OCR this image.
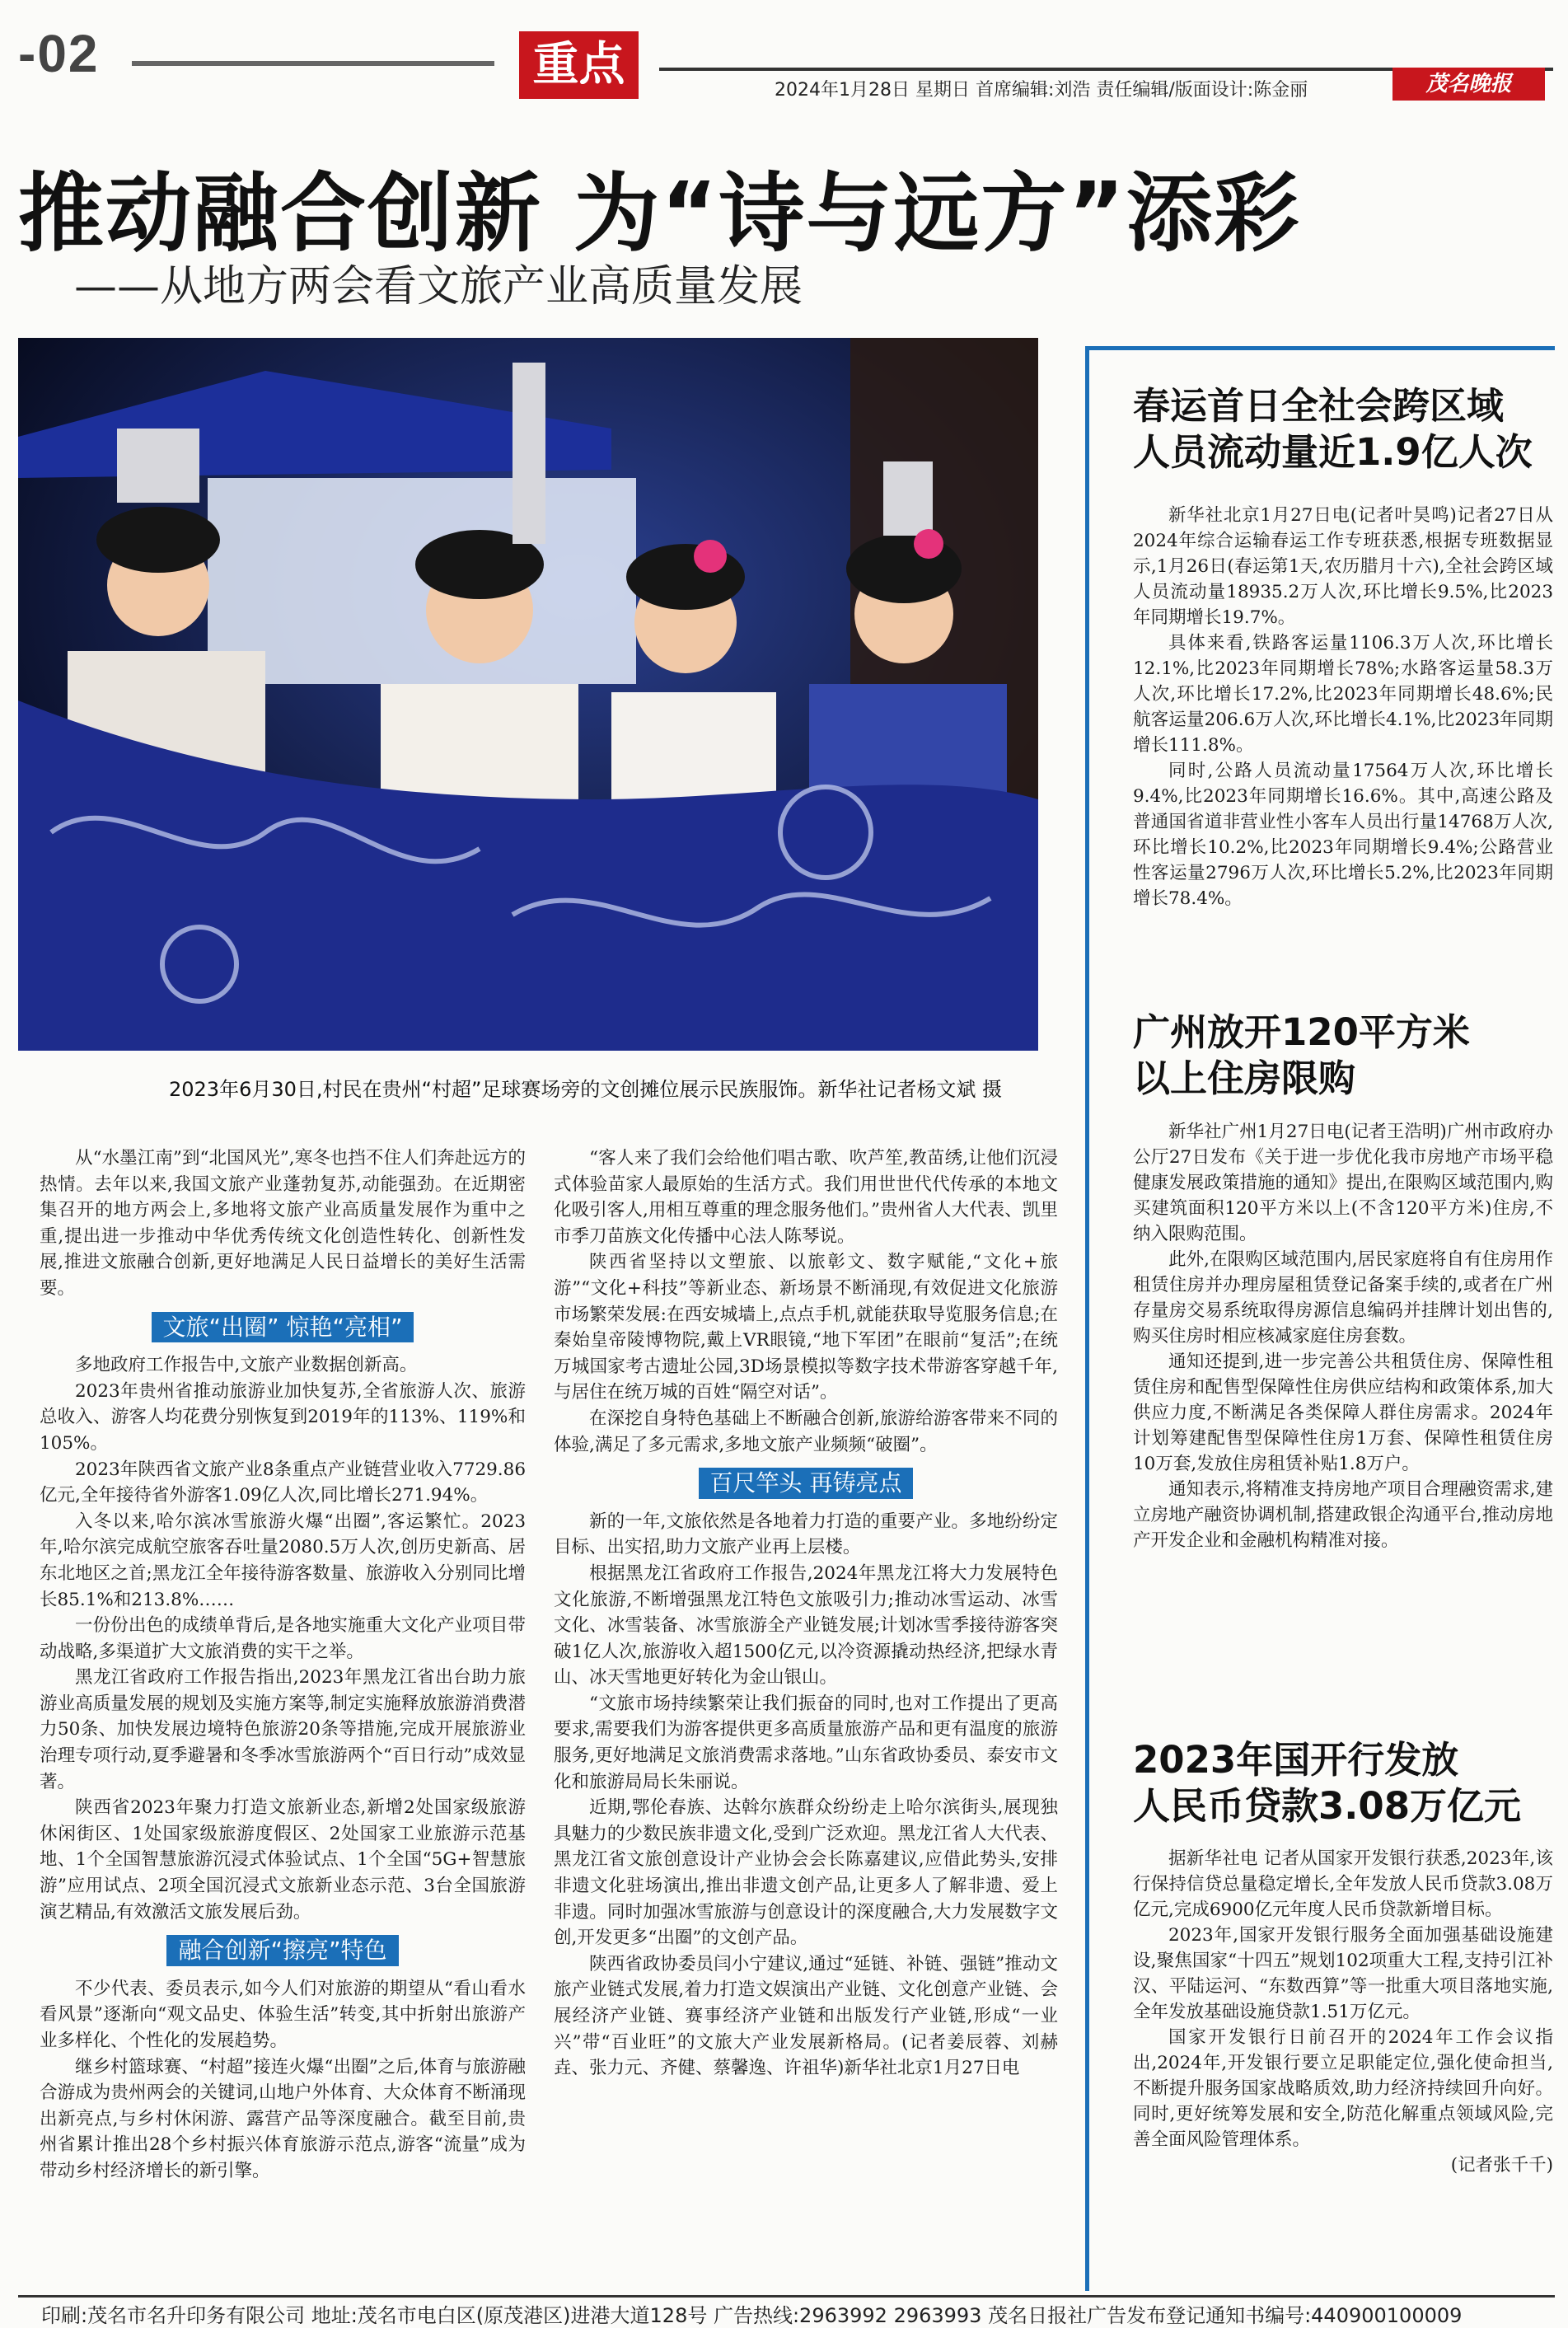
-02	重点	2024年1月28日 星期日 首席编辑:刘浩 责任编辑/版面设计:陈金丽	茂名晚报
推动融合创新 为“诗与远方”添彩
——从地方两会看文旅产业高质量发展
2023年6月30日,村民在贵州“村超”足球赛场旁的文创摊位展示民族服饰。新华社记者杨文斌 摄

从“水墨江南”到“北国风光”,寒冬也挡不住人们奔赴远方的热情。去年以来,我国文旅产业蓬勃复苏,动能强劲。在近期密集召开的地方两会上,多地将文旅产业高质量发展作为重中之重,提出进一步推动中华优秀传统文化创造性转化、创新性发展,推进文旅融合创新,更好地满足人民日益增长的美好生活需要。

文旅“出圈” 惊艳“亮相”

多地政府工作报告中,文旅产业数据创新高。

2023年贵州省推动旅游业加快复苏,全省旅游人次、旅游总收入、游客人均花费分别恢复到2019年的113%、119%和105%。

2023年陕西省文旅产业8条重点产业链营业收入7729.86亿元,全年接待省外游客1.09亿人次,同比增长271.94%。

入冬以来,哈尔滨冰雪旅游火爆“出圈”,客运繁忙。2023年,哈尔滨完成航空旅客吞吐量2080.5万人次,创历史新高、居东北地区之首;黑龙江全年接待游客数量、旅游收入分别同比增长85.1%和213.8%……

一份份出色的成绩单背后,是各地实施重大文化产业项目带动战略,多渠道扩大文旅消费的实干之举。

黑龙江省政府工作报告指出,2023年黑龙江省出台助力旅游业高质量发展的规划及实施方案等,制定实施释放旅游消费潜力50条、加快发展边境特色旅游20条等措施,完成开展旅游业治理专项行动,夏季避暑和冬季冰雪旅游两个“百日行动”成效显著。

陕西省2023年聚力打造文旅新业态,新增2处国家级旅游休闲街区、1处国家级旅游度假区、2处国家工业旅游示范基地、1个全国智慧旅游沉浸式体验试点、1个全国“5G+智慧旅游”应用试点、2项全国沉浸式文旅新业态示范、3台全国旅游演艺精品,有效激活文旅发展后劲。

融合创新“擦亮”特色

不少代表、委员表示,如今人们对旅游的期望从“看山看水看风景”逐渐向“观文品史、体验生活”转变,其中折射出旅游产业多样化、个性化的发展趋势。

继乡村篮球赛、“村超”接连火爆“出圈”之后,体育与旅游融合游成为贵州两会的关键词,山地户外体育、大众体育不断涌现出新亮点,与乡村休闲游、露营产品等深度融合。截至目前,贵州省累计推出28个乡村振兴体育旅游示范点,游客“流量”成为带动乡村经济增长的新引擎。

“客人来了我们会给他们唱古歌、吹芦笙,教苗绣,让他们沉浸式体验苗家人最原始的生活方式。我们用世世代代传承的本地文化吸引客人,用相互尊重的理念服务他们。”贵州省人大代表、凯里市季刀苗族文化传播中心法人陈琴说。

陕西省坚持以文塑旅、以旅彰文、数字赋能,“文化+旅游”“文化+科技”等新业态、新场景不断涌现,有效促进文化旅游市场繁荣发展:在西安城墙上,点点手机,就能获取导览服务信息;在秦始皇帝陵博物院,戴上VR眼镜,“地下军团”在眼前“复活”;在统万城国家考古遗址公园,3D场景模拟等数字技术带游客穿越千年,与居住在统万城的百姓“隔空对话”。

在深挖自身特色基础上不断融合创新,旅游给游客带来不同的体验,满足了多元需求,多地文旅产业频频“破圈”。

百尺竿头 再铸亮点

新的一年,文旅依然是各地着力打造的重要产业。多地纷纷定目标、出实招,助力文旅产业再上层楼。

根据黑龙江省政府工作报告,2024年黑龙江将大力发展特色文化旅游,不断增强黑龙江特色文旅吸引力;推动冰雪运动、冰雪文化、冰雪装备、冰雪旅游全产业链发展;计划冰雪季接待游客突破1亿人次,旅游收入超1500亿元,以冷资源撬动热经济,把绿水青山、冰天雪地更好转化为金山银山。

“文旅市场持续繁荣让我们振奋的同时,也对工作提出了更高要求,需要我们为游客提供更多高质量旅游产品和更有温度的旅游服务,更好地满足文旅消费需求落地。”山东省政协委员、泰安市文化和旅游局局长朱丽说。

近期,鄂伦春族、达斡尔族群众纷纷走上哈尔滨街头,展现独具魅力的少数民族非遗文化,受到广泛欢迎。黑龙江省人大代表、黑龙江省文旅创意设计产业协会会长陈嘉建议,应借此势头,安排非遗文化驻场演出,推出非遗文创产品,让更多人了解非遗、爱上非遗。同时加强冰雪旅游与创意设计的深度融合,大力发展数字文创,开发更多“出圈”的文创产品。

陕西省政协委员闫小宁建议,通过“延链、补链、强链”推动文旅产业链式发展,着力打造文娱演出产业链、文化创意产业链、会展经济产业链、赛事经济产业链和出版发行产业链,形成“一业兴”带“百业旺”的文旅大产业发展新格局。(记者姜辰蓉、刘赫垚、张力元、齐健、蔡馨逸、许祖华)新华社北京1月27日电

春运首日全社会跨区域
人员流动量近1.9亿人次

新华社北京1月27日电(记者叶昊鸣)记者27日从2024年综合运输春运工作专班获悉,根据专班数据显示,1月26日(春运第1天,农历腊月十六),全社会跨区域人员流动量18935.2万人次,环比增长9.5%,比2023年同期增长19.7%。

具体来看,铁路客运量1106.3万人次,环比增长12.1%,比2023年同期增长78%;水路客运量58.3万人次,环比增长17.2%,比2023年同期增长48.6%;民航客运量206.6万人次,环比增长4.1%,比2023年同期增长111.8%。

同时,公路人员流动量17564万人次,环比增长9.4%,比2023年同期增长16.6%。其中,高速公路及普通国省道非营业性小客车人员出行量14768万人次,环比增长10.2%,比2023年同期增长9.4%;公路营业性客运量2796万人次,环比增长5.2%,比2023年同期增长78.4%。

广州放开120平方米
以上住房限购

新华社广州1月27日电(记者王浩明)广州市政府办公厅27日发布《关于进一步优化我市房地产市场平稳健康发展政策措施的通知》提出,在限购区域范围内,购买建筑面积120平方米以上(不含120平方米)住房,不纳入限购范围。

此外,在限购区域范围内,居民家庭将自有住房用作租赁住房并办理房屋租赁登记备案手续的,或者在广州存量房交易系统取得房源信息编码并挂牌计划出售的,购买住房时相应核减家庭住房套数。

通知还提到,进一步完善公共租赁住房、保障性租赁住房和配售型保障性住房供应结构和政策体系,加大供应力度,不断满足各类保障人群住房需求。2024年计划筹建配售型保障性住房1万套、保障性租赁住房10万套,发放住房租赁补贴1.8万户。

通知表示,将精准支持房地产项目合理融资需求,建立房地产融资协调机制,搭建政银企沟通平台,推动房地产开发企业和金融机构精准对接。

2023年国开行发放
人民币贷款3.08万亿元

据新华社电 记者从国家开发银行获悉,2023年,该行保持信贷总量稳定增长,全年发放人民币贷款3.08万亿元,完成6900亿元年度人民币贷款新增目标。

2023年,国家开发银行服务全面加强基础设施建设,聚焦国家“十四五”规划102项重大工程,支持引江补汉、平陆运河、“东数西算”等一批重大项目落地实施,全年发放基础设施贷款1.51万亿元。

国家开发银行日前召开的2024年工作会议指出,2024年,开发银行要立足职能定位,强化使命担当,不断提升服务国家战略质效,助力经济持续回升向好。同时,更好统筹发展和安全,防范化解重点领域风险,完善全面风险管理体系。

(记者张千千)

印刷:茂名市名升印务有限公司 地址:茂名市电白区(原茂港区)进港大道128号 广告热线:2963992 2963993 茂名日报社广告发布登记通知书编号:440900100009
